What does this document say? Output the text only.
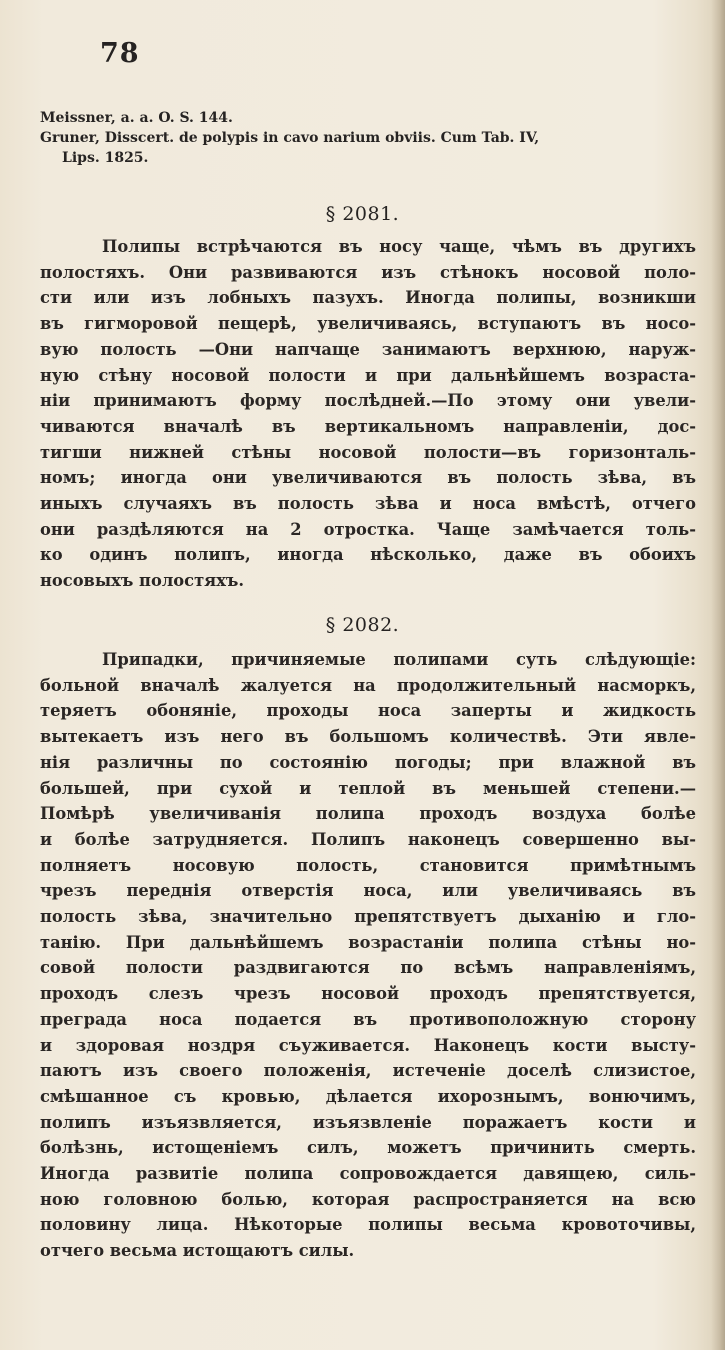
78
Meissner, a. a. O. S. 144.
Gruner, Disscert. de polypis in cavo narium obviis. Cum Tab. IV,
Lips. 1825.
§ 2081.
Полипы встрѣчаются въ носу чаще, чѣмъ въ другихъ
полостяхъ. Они развиваются изъ стѣнокъ носовой поло-
сти или изъ лобныхъ пазухъ. Иногда полипы, возникши
въ гигморовой пещерѣ, увеличиваясь, вступаютъ въ носо-
вую полость —Они напчаще занимаютъ верхнюю, наруж-
ную стѣну носовой полости и при дальнѣйшемъ возраста-
ніи принимаютъ форму послѣдней.—По этому они увели-
чиваются вначалѣ въ вертикальномъ направленіи, дос-
тигши нижней стѣны носовой полости—въ горизонталь-
номъ; иногда они увеличиваются въ полость зѣва, въ
иныхъ случаяхъ въ полость зѣва и носа вмѣстѣ, отчего
они раздѣляются на 2 отростка. Чаще замѣчается толь-
ко одинъ полипъ, иногда нѣсколько, даже въ обоихъ
носовыхъ полостяхъ.
§ 2082.
Припадки, причиняемые полипами суть слѣдующіе:
больной вначалѣ жалуется на продолжительный насморкъ,
теряетъ обоняніе, проходы носа заперты и жидкость
вытекаетъ изъ него въ большомъ количествѣ. Эти явле-
нія различны по состоянію погоды; при влажной въ
большей, при сухой и теплой въ меньшей степени.—
Помѣрѣ увеличиванія полипа проходъ воздуха болѣе
и болѣе затрудняется. Полипъ наконецъ совершенно вы-
полняетъ носовую полость, становится примѣтнымъ
чрезъ переднія отверстія носа, или увеличиваясь въ
полость зѣва, значительно препятствуетъ дыханію и гло-
танію. При дальнѣйшемъ возрастаніи полипа стѣны но-
совой полости раздвигаются по всѣмъ направленіямъ,
проходъ слезъ чрезъ носовой проходъ препятствуется,
преграда носа подается въ противоположную сторону
и здоровая ноздря съуживается. Наконецъ кости высту-
паютъ изъ своего положенія, истеченіе доселѣ слизистое,
смѣшанное съ кровью, дѣлается ихорознымъ, вонючимъ,
полипъ изъязвляется, изъязвленіе поражаетъ кости и
болѣзнь, истощеніемъ силъ, можетъ причинить смерть.
Иногда развитіе полипа сопровождается давящею, силь-
ною головною болью, которая распространяется на всю
половину лица. Нѣкоторые полипы весьма кровоточивы,
отчего весьма истощаютъ силы.
